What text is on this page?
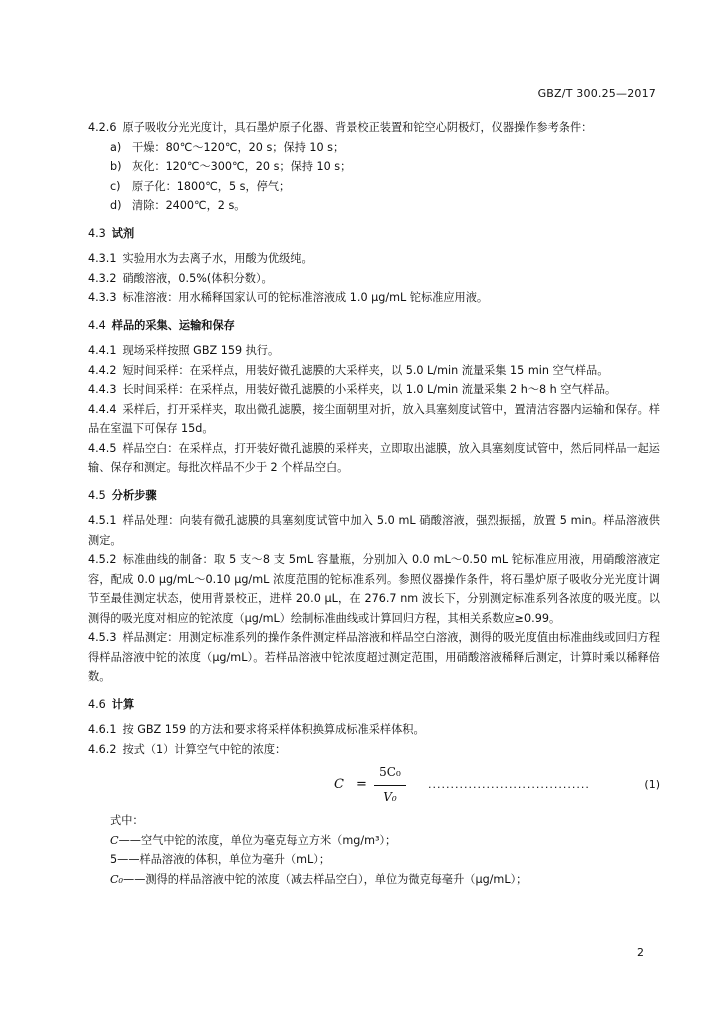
GBZ/T 300.25—2017
4.2.6 原子吸收分光光度计，具石墨炉原子化器、背景校正装置和铊空心阴极灯，仪器操作参考条件：
a) 干燥：80℃～120℃，20 s；保持 10 s；
b) 灰化：120℃～300℃，20 s；保持 10 s；
c) 原子化：1800℃，5 s，停气；
d) 清除：2400℃，2 s。
4.3 试剂
4.3.1 实验用水为去离子水，用酸为优级纯。
4.3.2 硝酸溶液，0.5%(体积分数）。
4.3.3 标准溶液：用水稀释国家认可的铊标准溶液成 1.0 μg/mL 铊标准应用液。
4.4 样品的采集、运输和保存
4.4.1 现场采样按照 GBZ 159 执行。
4.4.2 短时间采样：在采样点，用装好微孔滤膜的大采样夹，以 5.0 L/min 流量采集 15 min 空气样品。
4.4.3 长时间采样：在采样点，用装好微孔滤膜的小采样夹，以 1.0 L/min 流量采集 2 h～8 h 空气样品。
4.4.4 采样后，打开采样夹，取出微孔滤膜，接尘面朝里对折，放入具塞刻度试管中，置清洁容器内运输和保存。样品在室温下可保存 15d。
4.4.5 样品空白：在采样点，打开装好微孔滤膜的采样夹，立即取出滤膜，放入具塞刻度试管中，然后同样品一起运输、保存和测定。每批次样品不少于 2 个样品空白。
4.5 分析步骤
4.5.1 样品处理：向装有微孔滤膜的具塞刻度试管中加入 5.0 mL 硝酸溶液，强烈振摇，放置 5 min。样品溶液供测定。
4.5.2 标准曲线的制备：取 5 支～8 支 5mL 容量瓶，分别加入 0.0 mL～0.50 mL 铊标准应用液，用硝酸溶液定容，配成 0.0 μg/mL～0.10 μg/mL 浓度范围的铊标准系列。参照仪器操作条件，将石墨炉原子吸收分光光度计调节至最佳测定状态，使用背景校正，进样 20.0 μL，在 276.7 nm 波长下，分别测定标准系列各浓度的吸光度。以测得的吸光度对相应的铊浓度（μg/mL）绘制标准曲线或计算回归方程，其相关系数应≥0.99。
4.5.3 样品测定：用测定标准系列的操作条件测定样品溶液和样品空白溶液，测得的吸光度值由标准曲线或回归方程得样品溶液中铊的浓度（μg/mL）。若样品溶液中铊浓度超过测定范围，用硝酸溶液稀释后测定，计算时乘以稀释倍数。
4.6 计算
4.6.1 按 GBZ 159 的方法和要求将采样体积换算成标准采样体积。
4.6.2 按式（1）计算空气中铊的浓度：
$C = \frac{\text{5C₀}}{\text{V₀}}$ ....................................	(1)
式中：
C——空气中铊的浓度，单位为毫克每立方米（mg/m³）；
5——样品溶液的体积，单位为毫升（mL）；
C₀——测得的样品溶液中铊的浓度（减去样品空白），单位为微克每毫升（μg/mL）；
2
